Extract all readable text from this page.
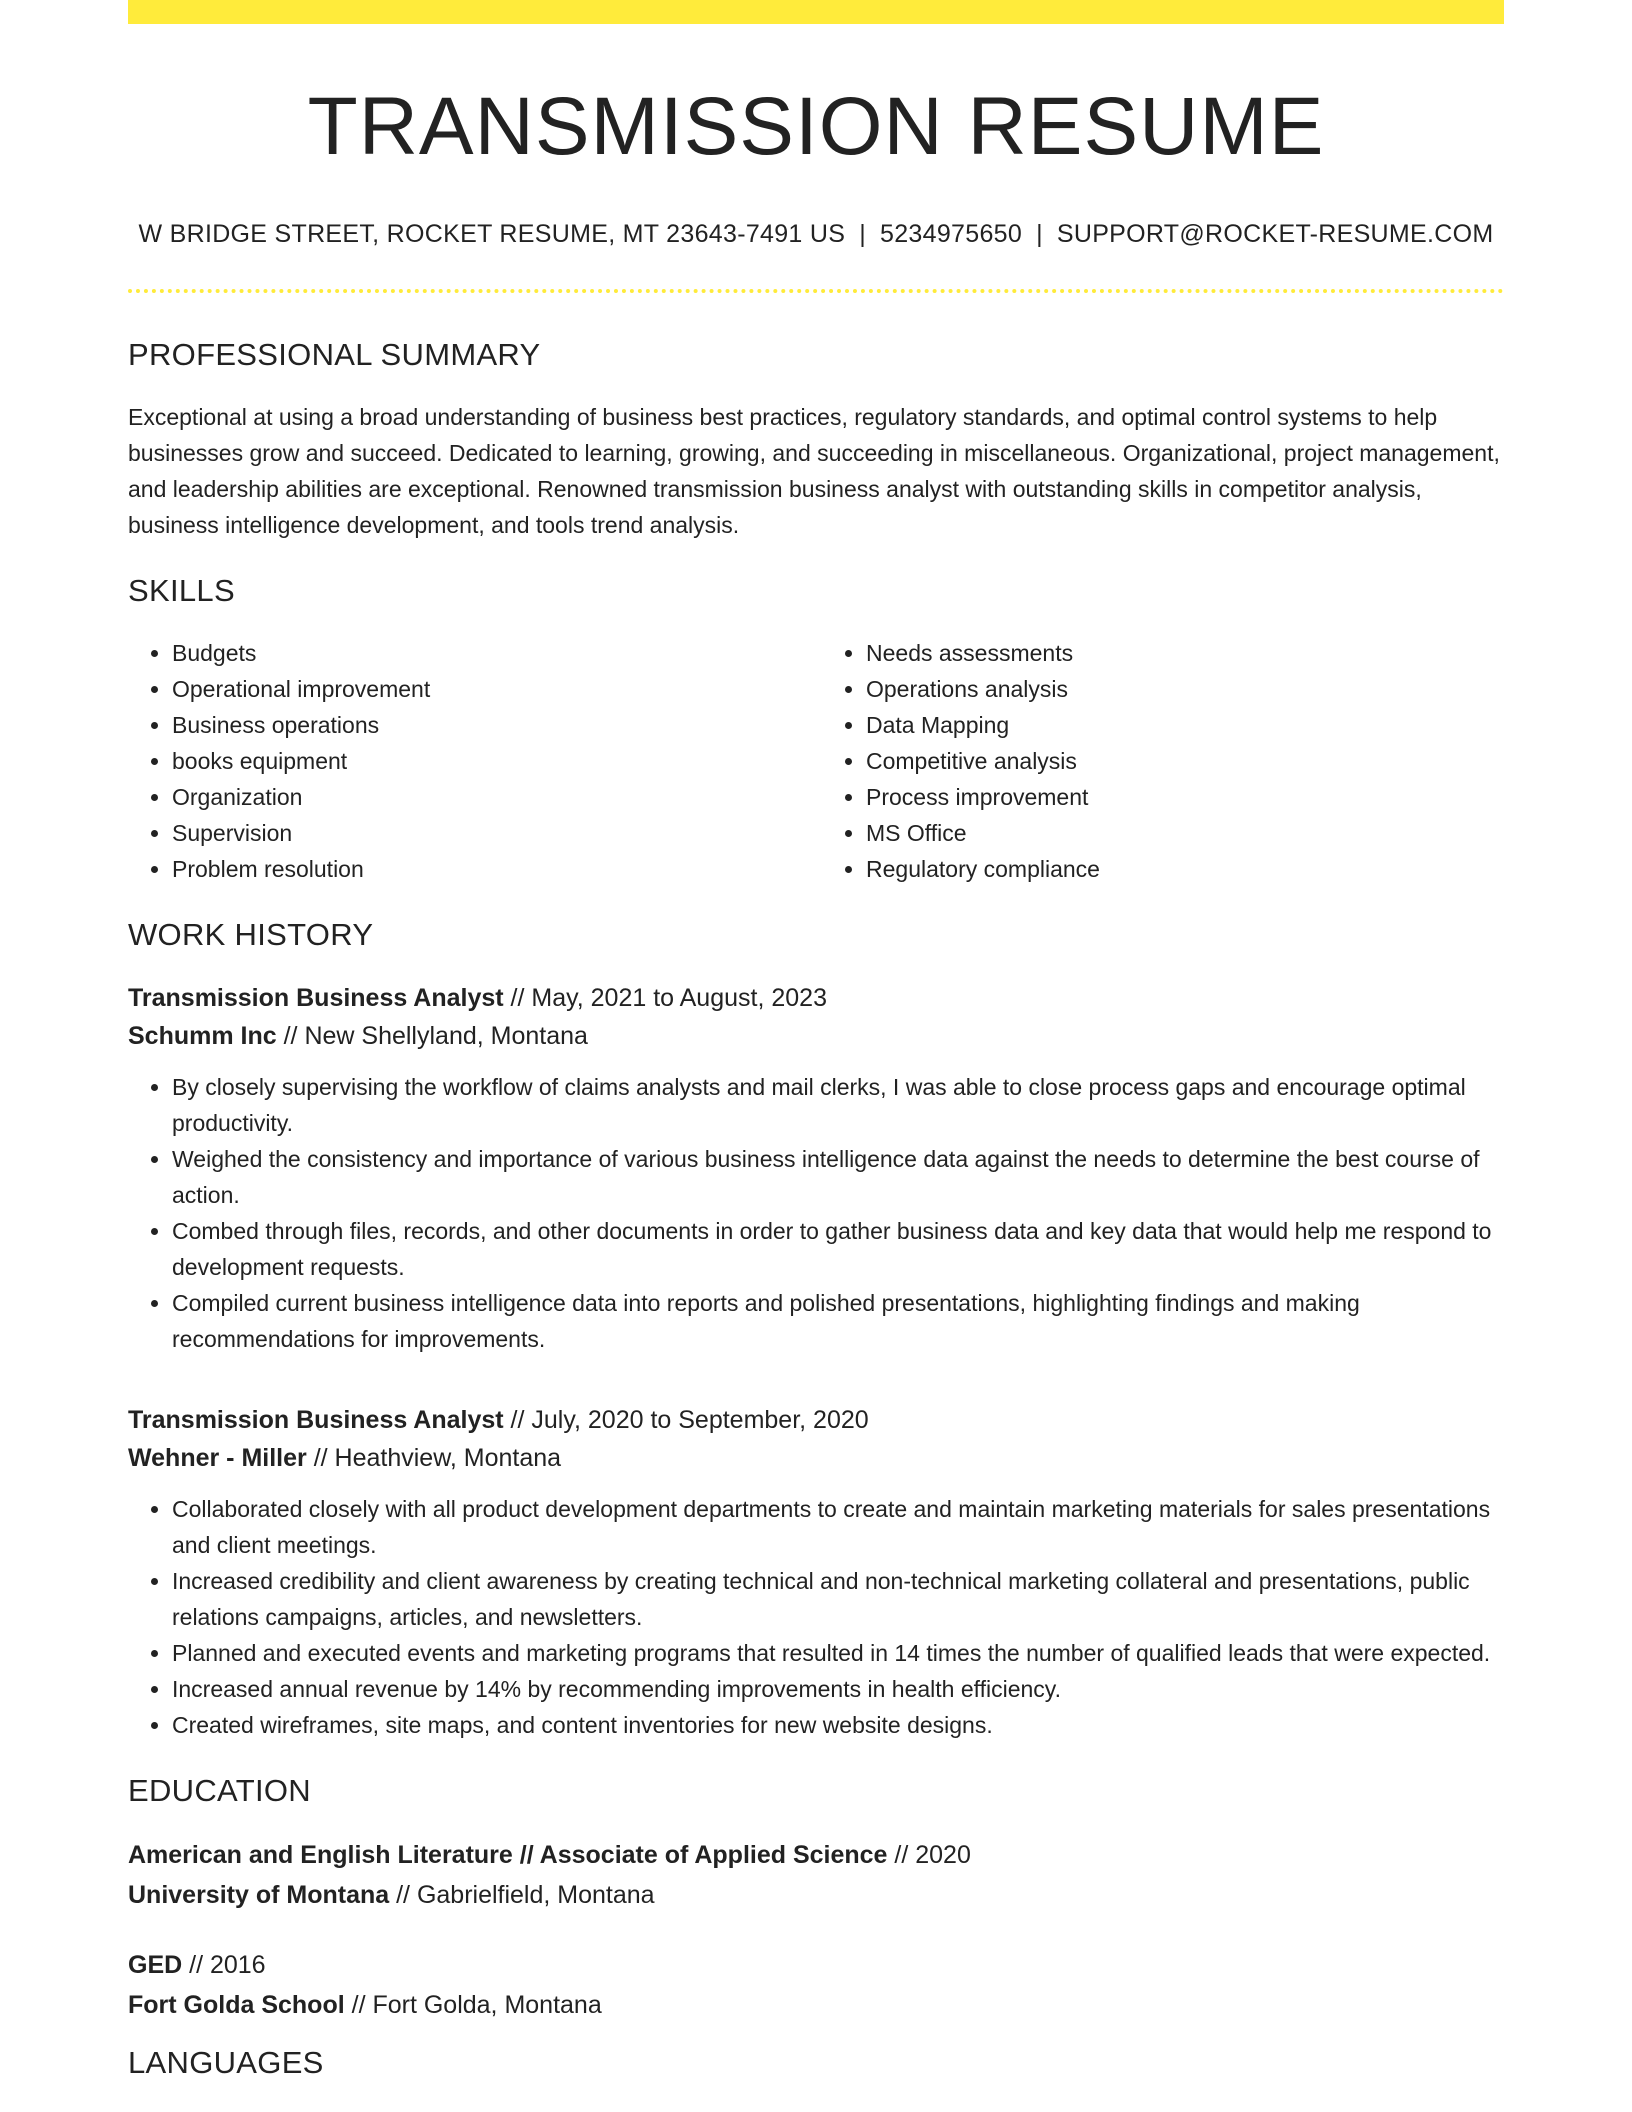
TRANSMISSION RESUME
W BRIDGE STREET, ROCKET RESUME, MT 23643-7491 US | 5234975650 | SUPPORT@ROCKET-RESUME.COM
PROFESSIONAL SUMMARY

Exceptional at using a broad understanding of business best practices, regulatory standards, and optimal control systems to help businesses grow and succeed. Dedicated to learning, growing, and succeeding in miscellaneous. Organizational, project management, and leadership abilities are exceptional. Renowned transmission business analyst with outstanding skills in competitor analysis, business intelligence development, and tools trend analysis.

SKILLS
• Budgets
• Operational improvement
• Business operations
• books equipment
• Organization
• Supervision
• Problem resolution
• Needs assessments
• Operations analysis
• Data Mapping
• Competitive analysis
• Process improvement
• MS Office
• Regulatory compliance
WORK HISTORY
Transmission Business Analyst // May, 2021 to August, 2023
Schumm Inc // New Shellyland, Montana
• By closely supervising the workflow of claims analysts and mail clerks, I was able to close process gaps and encourage optimal productivity.
• Weighed the consistency and importance of various business intelligence data against the needs to determine the best course of action.
• Combed through files, records, and other documents in order to gather business data and key data that would help me respond to development requests.
• Compiled current business intelligence data into reports and polished presentations, highlighting findings and making recommendations for improvements.
Transmission Business Analyst // July, 2020 to September, 2020
Wehner - Miller // Heathview, Montana
• Collaborated closely with all product development departments to create and maintain marketing materials for sales presentations and client meetings.
• Increased credibility and client awareness by creating technical and non-technical marketing collateral and presentations, public relations campaigns, articles, and newsletters.
• Planned and executed events and marketing programs that resulted in 14 times the number of qualified leads that were expected.
• Increased annual revenue by 14% by recommending improvements in health efficiency.
• Created wireframes, site maps, and content inventories for new website designs.
EDUCATION
American and English Literature // Associate of Applied Science // 2020
University of Montana // Gabrielfield, Montana
GED // 2016
Fort Golda School // Fort Golda, Montana
LANGUAGES
